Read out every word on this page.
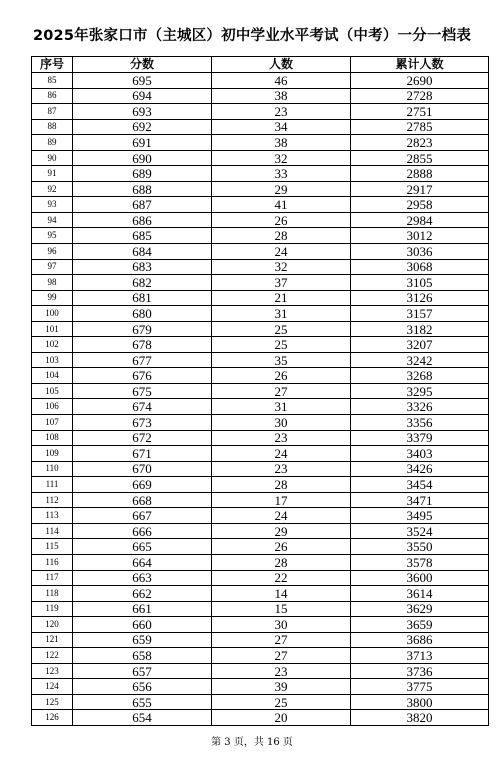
2025年张家口市（主城区）初中学业水平考试（中考）一分一档表
序号	分数	人数	累计人数
85	695	46	2690
86	694	38	2728
87	693	23	2751
88	692	34	2785
89	691	38	2823
90	690	32	2855
91	689	33	2888
92	688	29	2917
93	687	41	2958
94	686	26	2984
95	685	28	3012
96	684	24	3036
97	683	32	3068
98	682	37	3105
99	681	21	3126
100	680	31	3157
101	679	25	3182
102	678	25	3207
103	677	35	3242
104	676	26	3268
105	675	27	3295
106	674	31	3326
107	673	30	3356
108	672	23	3379
109	671	24	3403
110	670	23	3426
111	669	28	3454
112	668	17	3471
113	667	24	3495
114	666	29	3524
115	665	26	3550
116	664	28	3578
117	663	22	3600
118	662	14	3614
119	661	15	3629
120	660	30	3659
121	659	27	3686
122	658	27	3713
123	657	23	3736
124	656	39	3775
125	655	25	3800
126	654	20	3820
第 3 页，共 16 页
